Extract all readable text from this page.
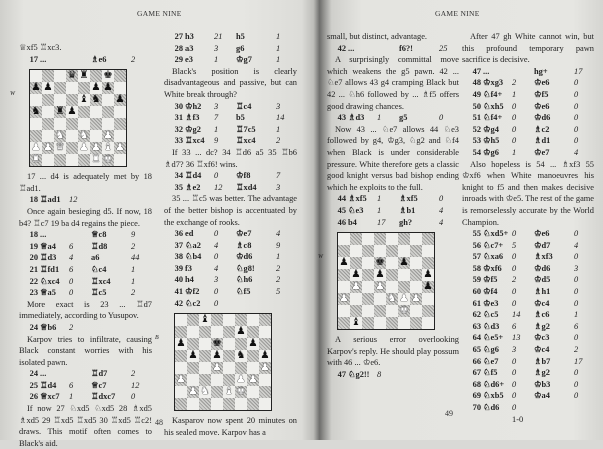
GAME NINE

♕xf5 ♖xc3.

17 ...	♗e6	2
W
♛ ♜ ♚
♟ ♟	♟ ♟
♝ ♞ ♟
♞ ♜ ♟
♞ ♞ ♟
♟ ♟ ♛ ♟ ♟ ♝ ♟
♜	♜ ♚

17 ... d4 is adequately met by 18 ♖ad1.

18 ♖ad1	12

Once again besieging d5. If now, 18 b4? ♖c7 19 ba d4 regains the piece.

18 ...	♕c8	9
19 ♕a4	6	♖d8	2
20 ♖d3	4	a6	44
21 ♖fd1	6	♘c4	1
22 ♘xc4	0	♖xc4	1
23 ♕a5	0	♖c5	2

More exact is 23 ... ♖d7 immediately, according to Yusupov.

24 ♕b6	2

Karpov tries to infiltrate, causing Black constant worries with his isolated pawn.

24 ...	♖d7	2
25 ♖d4	6	♕c7	12
26 ♕xc7	1	♖dxc7	0

If now 27 ♘xd5 ♘xd5 28 ♗xd5 ♗xd5 29 ♖xd5 ♖xd5 30 ♖xd5 ♖c2! draws. This motif often comes to Black's aid.

27 h3	21	h5	1
28 a3	3	g6	1
29 e3	1	♔g7	1

Black's position is clearly disadvantageous and passive, but can White break through?

30 ♔h2	3	♖c4	3
31 ♗f3	7	b5	14
32 ♔g2	1	♖7c5	1
33 ♖xc4	9	♖xc4	2

If 33 ... dc? 34 ♖d6 a5 35 ♖b6 ♗d7? 36 ♖xf6! wins.

34 ♖d4	0	♔f8	7
35 ♗e2	12	♖xd4	3

35 ... ♖c5 was better. The advantage of the better bishop is accentuated by the exchange of rooks.

36 ed	0	♔e7	4
37 ♘a2	4	♗c8	9
38 ♘b4	0	♔d6	1
39 f3	4	♘g8!	2
40 h4	3	♘h6	2
41 ♔f2	0	♘f5	5
42 ♘c2	0
B
♝
♟
♟	♚	♟
♟ ♟ ♞ ♟
♟	♟
♟	♟ ♟
♟ ♞ ♝ ♚

Kasparov now spent 20 minutes on his sealed move. Karpov has a

48
GAME NINE

small, but distinct, advantage.

42 ...	f6?!	25

A surprisingly committal move which weakens the g5 pawn. 42 ... ♘e7 allows 43 g4 cramping Black but 42 ... ♘h6 followed by ... ♗f5 offers good drawing chances.

43 ♗d3	1	g5	0

Now 43 ... ♘e7 allows 44 ♘e3 followed by g4, ♔g3, ♘g2 and ♘f4 when Black is under considerable pressure. White therefore gets a classic good knight versus bad bishop ending which he exploits to the full.

44 ♗xf5	1	♗xf5	0
45 ♘e3	1	♗b1	4
46 b4	17	gh?	4
W ♟	♚ ♟
♟ ♟	♟
♟ ♟	♟
♟	♞ ♟ ♟
♚
♝

A serious error overlooking Karpov's reply. He should play possum with 46 ... ♔e6.

47 ♘g2!! 8

After 47 gh White cannot win, but this profound temporary pawn sacrifice is decisive.

47 ...	hg+	17
48 ♔xg3	2	♔e6	0
49 ♘f4+	1	♔f5	0
50 ♘xh5	0	♔e6	0
51 ♘f4+	0	♔d6	0
52 ♔g4	0	♗c2	0
53 ♔h5	0	♗d1	0
54 ♔g6	1	♔e7	4

Also hopeless is 54 ... ♗xf3 55 ♔xf6 when White manoeuvres his knight to f5 and then makes decisive inroads with ♔e5. The rest of the game is remorselessly accurate by the World Champion.

55 ♘xd5+ 0	♔e6	0
56 ♘c7+	5	♔d7	4
57 ♘xa6	0	♗xf3	0
58 ♔xf6	0	♔d6	3
59 ♔f5	2	♔d5	0
60 ♔f4	0	♗h1	0
61 ♔e3	0	♔c4	0
62 ♘c5	14	♗c6	1
63 ♘d3	6	♗g2	6
64 ♘e5+	13	♔c3	0
65 ♘g6	3	♔c4	2
66 ♘e7	0	♗b7	17
67 ♘f5	0	♗g2	0
68 ♘d6+ 0	♔b3	0
69 ♘xb5	0	♔a4	0
70 ♘d6	0
1-0
49
